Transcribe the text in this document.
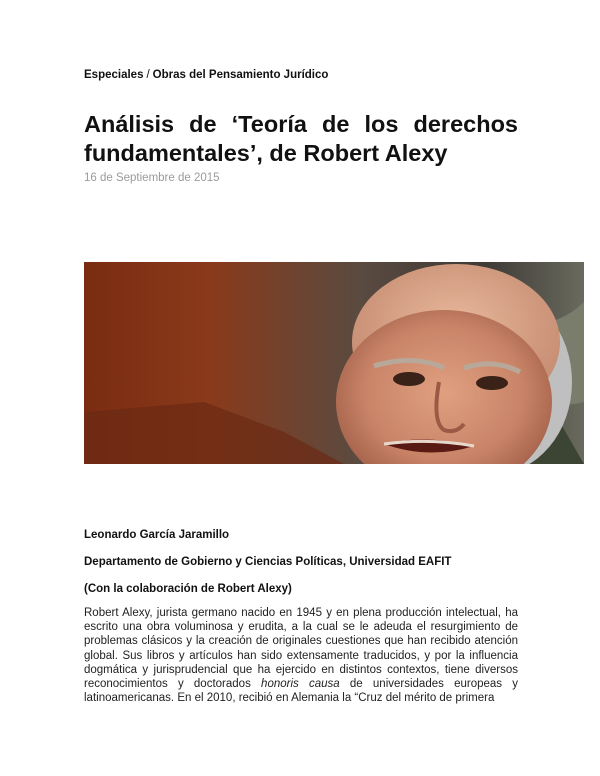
Especiales / Obras del Pensamiento Jurídico
Análisis de ‘Teoría de los derechos fundamentales’, de Robert Alexy
16 de Septiembre de 2015
Leonardo García Jaramillo
Departamento de Gobierno y Ciencias Políticas, Universidad EAFIT
(Con la colaboración de Robert Alexy)

Robert Alexy, jurista germano nacido en 1945 y en plena producción intelectual, ha escrito una obra voluminosa y erudita, a la cual se le adeuda el resurgimiento de problemas clásicos y la creación de originales cuestiones que han recibido atención global. Sus libros y artículos han sido extensamente traducidos, y por la influencia dogmática y jurisprudencial que ha ejercido en distintos contextos, tiene diversos reconocimientos y doctorados honoris causa de universidades europeas y latinoamericanas. En el 2010, recibió en Alemania la “Cruz del mérito de primera
